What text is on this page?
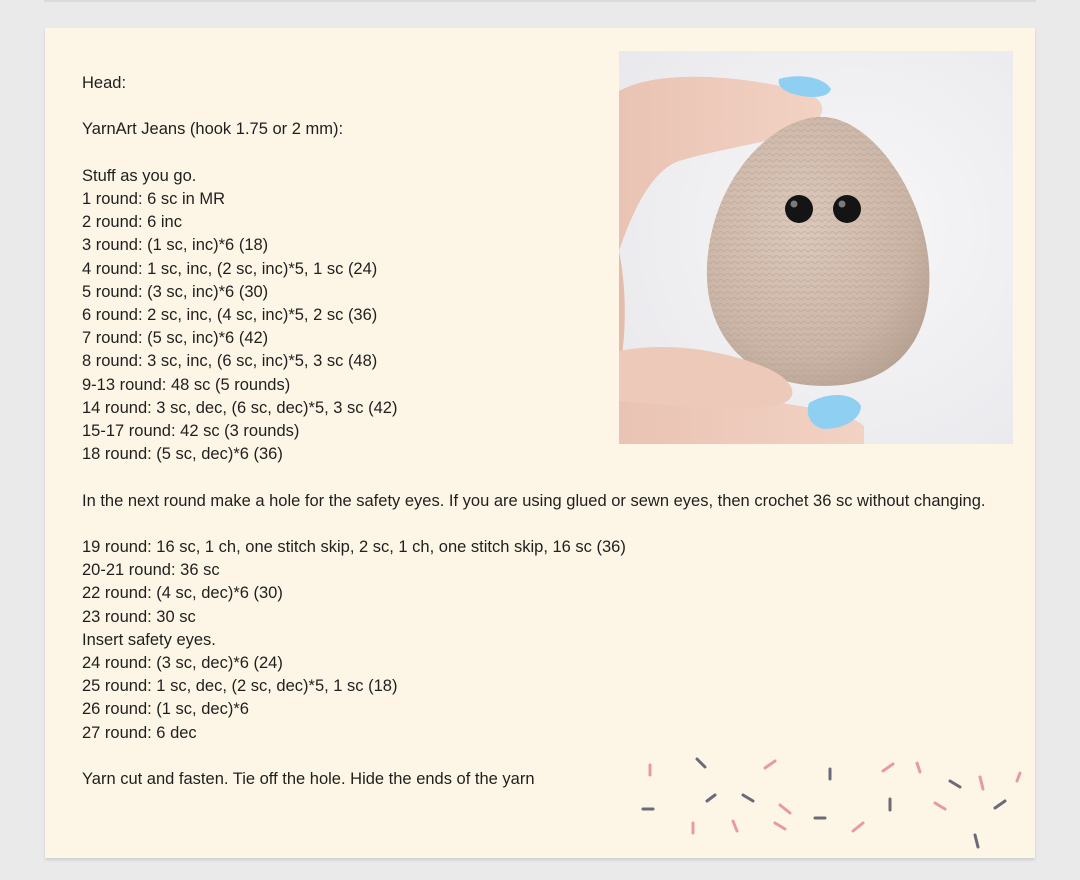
Head:
YarnArt Jeans (hook 1.75 or 2 mm):
Stuff as you go.
1 round: 6 sc in MR
2 round: 6 inc
3 round: (1 sc, inc)*6 (18)
4 round: 1 sc, inc, (2 sc, inc)*5, 1 sc (24)
5 round: (3 sc, inc)*6 (30)
6 round: 2 sc, inc, (4 sc, inc)*5, 2 sc (36)
7 round: (5 sc, inc)*6 (42)
8 round: 3 sc, inc, (6 sc, inc)*5, 3 sc (48)
9-13 round: 48 sc (5 rounds)
14 round: 3 sc, dec, (6 sc, dec)*5, 3 sc (42)
15-17 round: 42 sc (3 rounds)
18 round: (5 sc, dec)*6 (36)
In the next round make a hole for the safety eyes. If you are using glued or sewn eyes, then crochet 36 sc without changing.
19 round: 16 sc, 1 ch, one stitch skip, 2 sc, 1 ch, one stitch skip, 16 sc (36)
20-21 round: 36 sc
22 round: (4 sc, dec)*6 (30)
23 round: 30 sc
Insert safety eyes.
24 round: (3 sc, dec)*6 (24)
25 round: 1 sc, dec, (2 sc, dec)*5, 1 sc (18)
26 round: (1 sc, dec)*6
27 round: 6 dec
Yarn cut and fasten. Tie off the hole. Hide the ends of the yarn
